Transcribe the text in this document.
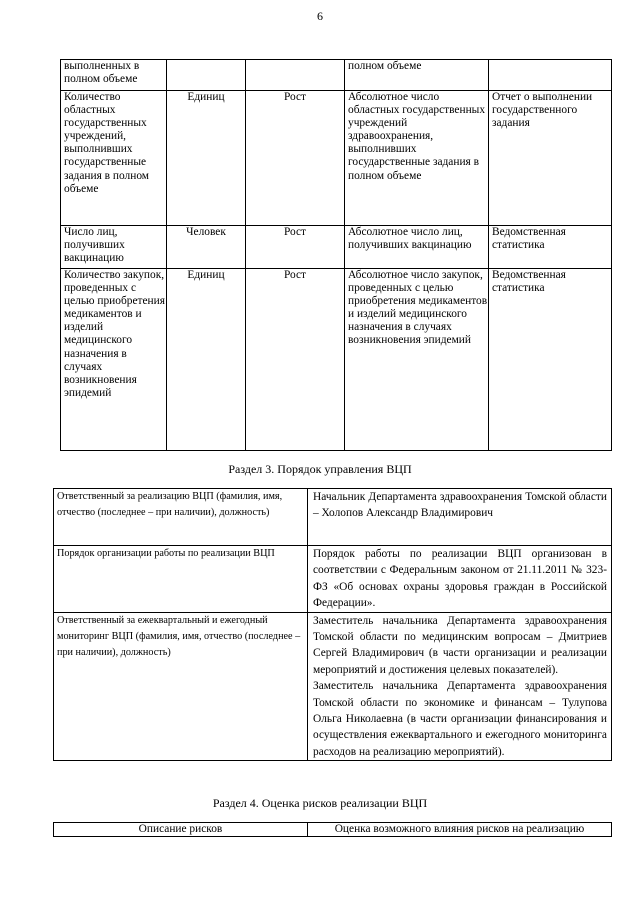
6
выполненных в полном объеме			полном объеме	
Количество областных государственных учреждений, выполнивших государственные задания в полном объеме	Единиц	Рост	Абсолютное число областных государственных учреждений здравоохранения, выполнивших государственные задания в полном объеме	Отчет о выполнении государственного задания
Число лиц, получивших вакцинацию	Человек	Рост	Абсолютное число лиц, получивших вакцинацию	Ведомственная статистика
Количество закупок, проведенных с целью приобретения медикаментов и изделий медицинского назначения в случаях возникновения эпидемий	Единиц	Рост	Абсолютное число закупок, проведенных с целью приобретения медикаментов и изделий медицинского назначения в случаях возникновения эпидемий	Ведомственная статистика
Раздел 3. Порядок управления ВЦП
Ответственный за реализацию ВЦП (фамилия, имя, отчество (последнее – при наличии), должность)	Начальник Департамента здравоохранения Томской области – Холопов Александр Владимирович
Порядок организации работы по реализации ВЦП	Порядок работы по реализации ВЦП организован в соответствии с Федеральным законом от 21.11.2011 № 323-ФЗ «Об основах охраны здоровья граждан в Российской Федерации».
Ответственный за ежеквартальный и ежегодный мониторинг ВЦП (фамилия, имя, отчество (последнее – при наличии), должность)	Заместитель начальника Департамента здравоохранения Томской области по медицинским вопросам – Дмитриев Сергей Владимирович (в части организации и реализации мероприятий и достижения целевых показателей).
Заместитель начальника Департамента здравоохранения Томской области по экономике и финансам – Тулупова Ольга Николаевна (в части организации финансирования и осуществления ежеквартального и ежегодного мониторинга расходов на реализацию мероприятий).
Раздел 4. Оценка рисков реализации ВЦП
Описание рисков	Оценка возможного влияния рисков на реализацию
